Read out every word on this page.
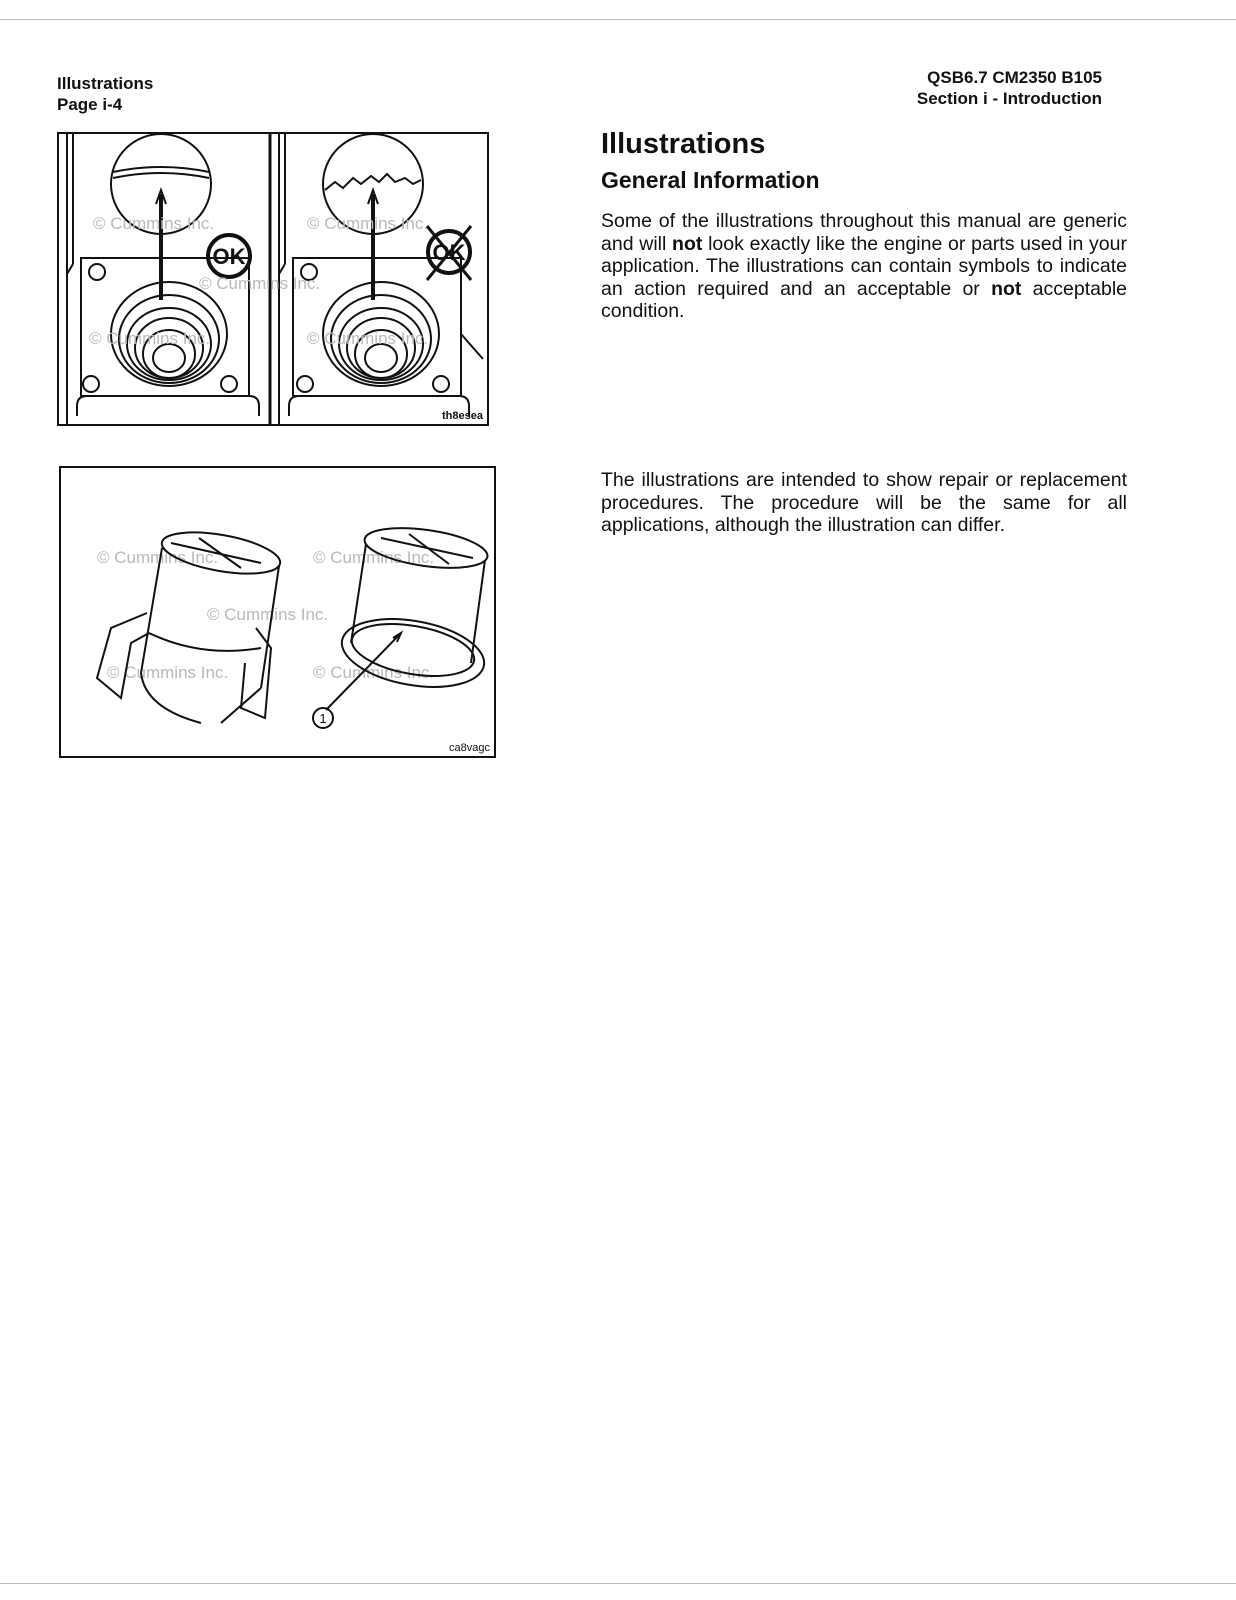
Illustrations
Page i-4
QSB6.7 CM2350 B105
Section i - Introduction
© Cummins Inc.
© Cummins Inc.
© Cummins Inc.
© Cummins Inc.
© Cummins Inc.
OK	OK
th8esea
© Cummins Inc.
© Cummins Inc.
© Cummins Inc.
© Cummins Inc.
© Cummins Inc.
1
ca8vagc
Illustrations
General Information

Some of the illustrations throughout this manual are generic and will not look exactly like the engine or parts used in your application. The illustrations can contain symbols to indicate an action required and an acceptable or not acceptable condition.

The illustrations are intended to show repair or replacement procedures. The procedure will be the same for all applications, although the illustration can differ.
